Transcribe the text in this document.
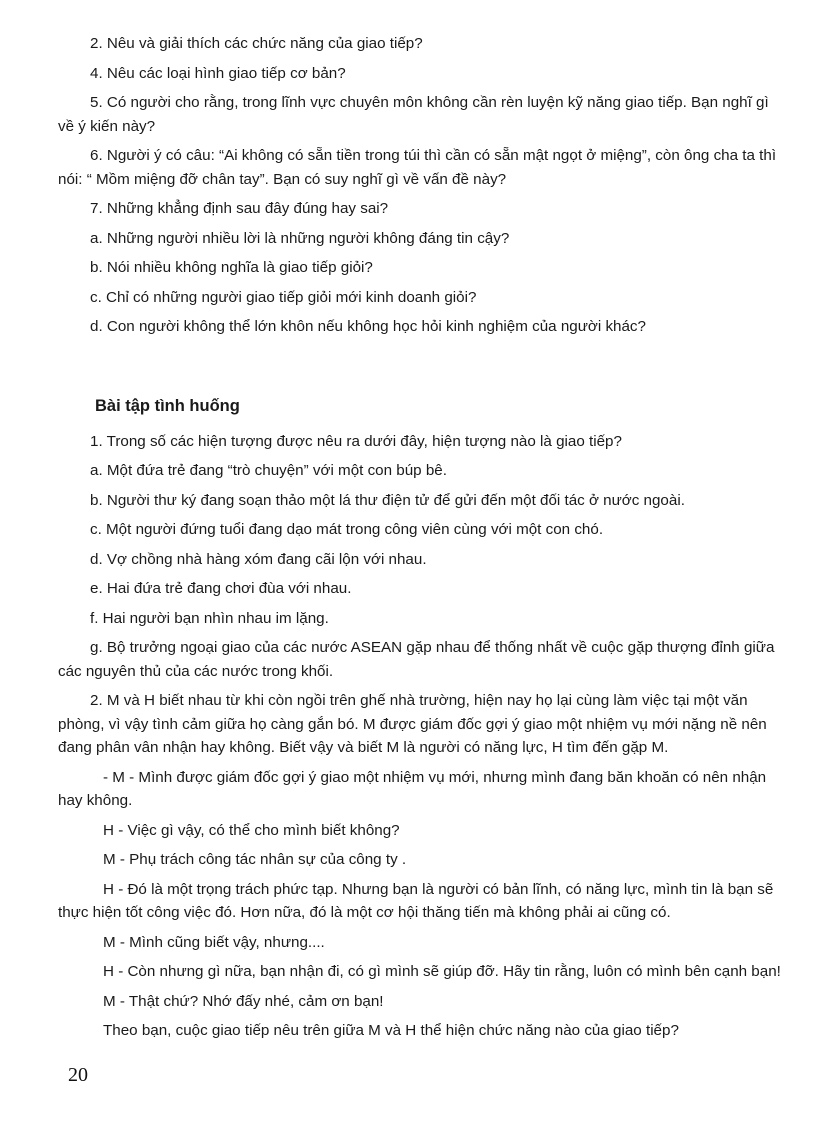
2. Nêu và giải thích các chức năng của giao tiếp?

4. Nêu các loại hình giao tiếp cơ bản?

5. Có người cho rằng, trong lĩnh vực chuyên môn không cần rèn luyện kỹ năng giao tiếp. Bạn nghĩ gì về ý kiến này?

6. Người ý có câu: “Ai không có sẵn tiền trong túi thì cần có sẵn mật ngọt ở miệng”, còn ông cha ta thì nói: “ Mồm miệng đỡ chân tay”. Bạn có suy nghĩ gì về vấn đề này?

7. Những khẳng định sau đây đúng hay sai?

a. Những người nhiều lời là những người không đáng tin cậy?

b. Nói nhiều không nghĩa là giao tiếp giỏi?

c. Chỉ có những người giao tiếp giỏi mới kinh doanh giỏi?

d. Con người không thể lớn khôn nếu không học hỏi kinh nghiệm của người khác?

Bài tập tình huống

1. Trong số các hiện tượng được nêu ra dưới đây, hiện tượng nào là giao tiếp?

a. Một đứa trẻ đang “trò chuyện” với một con búp bê.

b. Người thư ký đang soạn thảo một lá thư điện tử để gửi đến một đối tác ở nước ngoài.

c. Một người đứng tuổi đang dạo mát trong công viên cùng với một con chó.

d. Vợ chồng nhà hàng xóm đang cãi lộn với nhau.

e. Hai đứa trẻ đang chơi đùa với nhau.

f. Hai người bạn nhìn nhau im lặng.

g. Bộ trưởng ngoại giao của các nước ASEAN gặp nhau để thống nhất về cuộc gặp thượng đỉnh giữa các nguyên thủ của các nước trong khối.

2. M và H biết nhau từ khi còn ngồi trên ghế nhà trường, hiện nay họ lại cùng làm việc tại một văn phòng, vì vậy tình cảm giữa họ càng gắn bó. M được giám đốc gợi ý giao một nhiệm vụ mới nặng nề nên đang phân vân nhận hay không. Biết vậy và biết M là người có năng lực, H tìm đến gặp M.

- M - Mình được giám đốc gợi ý giao một nhiệm vụ mới, nhưng mình đang băn khoăn có nên nhận hay không.

H - Việc gì vậy, có thể cho mình biết không?

M - Phụ trách công tác nhân sự của công ty .

H - Đó là một trọng trách phức tạp. Nhưng bạn là người có bản lĩnh, có năng lực, mình tin là bạn sẽ thực hiện tốt công việc đó. Hơn nữa, đó là một cơ hội thăng tiến mà không phải ai cũng có.

M - Mình cũng biết vậy, nhưng....

H - Còn nhưng gì nữa, bạn nhận đi, có gì mình sẽ giúp đỡ. Hãy tin rằng, luôn có mình bên cạnh bạn!

M - Thật chứ? Nhớ đấy nhé, cảm ơn bạn!

Theo bạn, cuộc giao tiếp nêu trên giữa M và H thể hiện chức năng nào của giao tiếp?

20
